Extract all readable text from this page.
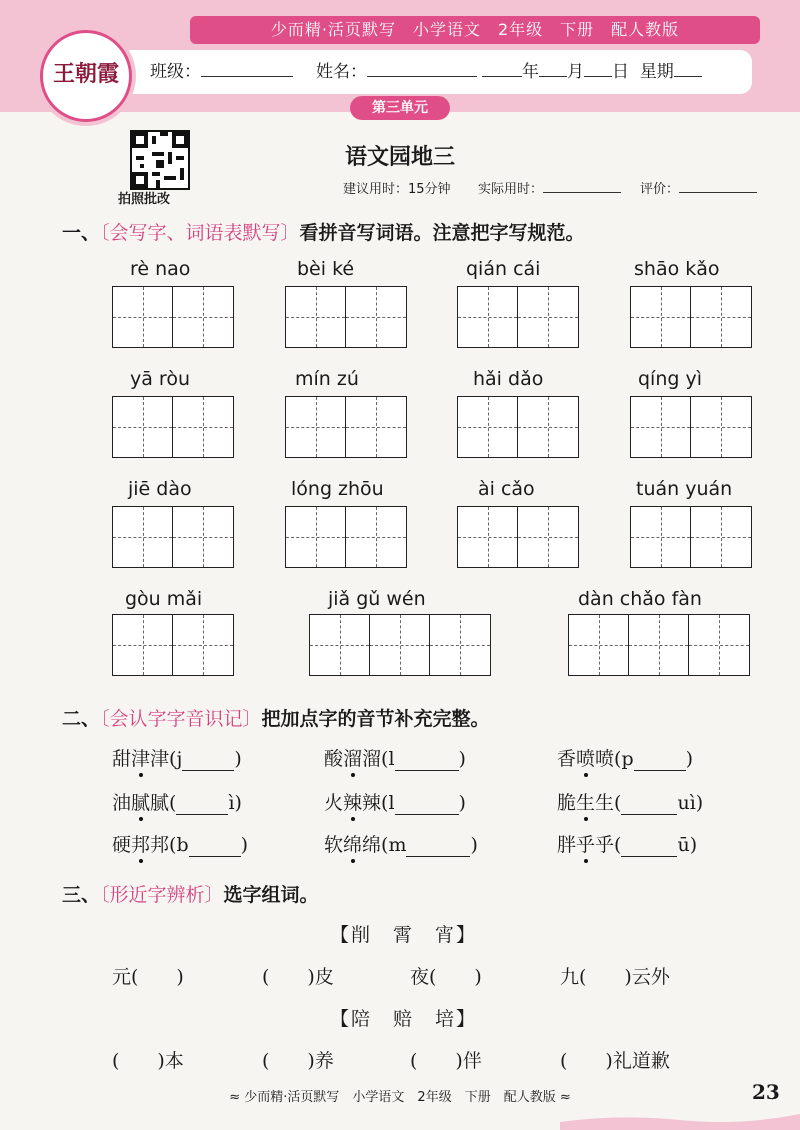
少而精·活页默写　小学语文　2年级　下册　配人教版
王朝霞	班级：	姓名：	年 月 日 星期
第三单元
拍照批改
语文园地三
建议用时：15分钟 实际用时：	评价：
一、〔会写字、词语表默写〕看拼音写词语。注意把字写规范。
rè nao	bèi ké	qián cái	shāo kǎo
yā ròu	mín zú	hǎi dǎo	qíng yì
jiē dào	lóng zhōu	ài cǎo	tuán yuán
gòu mǎi	jiǎ gǔ wén	dàn chǎo fàn
二、〔会认字字音识记〕把加点字的音节补充完整。
甜津津(j	)	酸溜溜(l	)	香喷喷(p	)
油腻腻(	ì)	火辣辣(l	)	脆生生(	uì)
硬邦邦(b	)	软绵绵(m	)	胖乎乎(	ū)
三、〔形近字辨析〕选字组词。
【削　霄　宵】
元(　　)	(　　)皮	夜(　　)	九(　　)云外
【陪　赔　培】
(　　)本	(　　)养	(　　)伴	(　　)礼道歉
≈ 少而精·活页默写　小学语文　2年级　下册　配人教版 ≈	23
